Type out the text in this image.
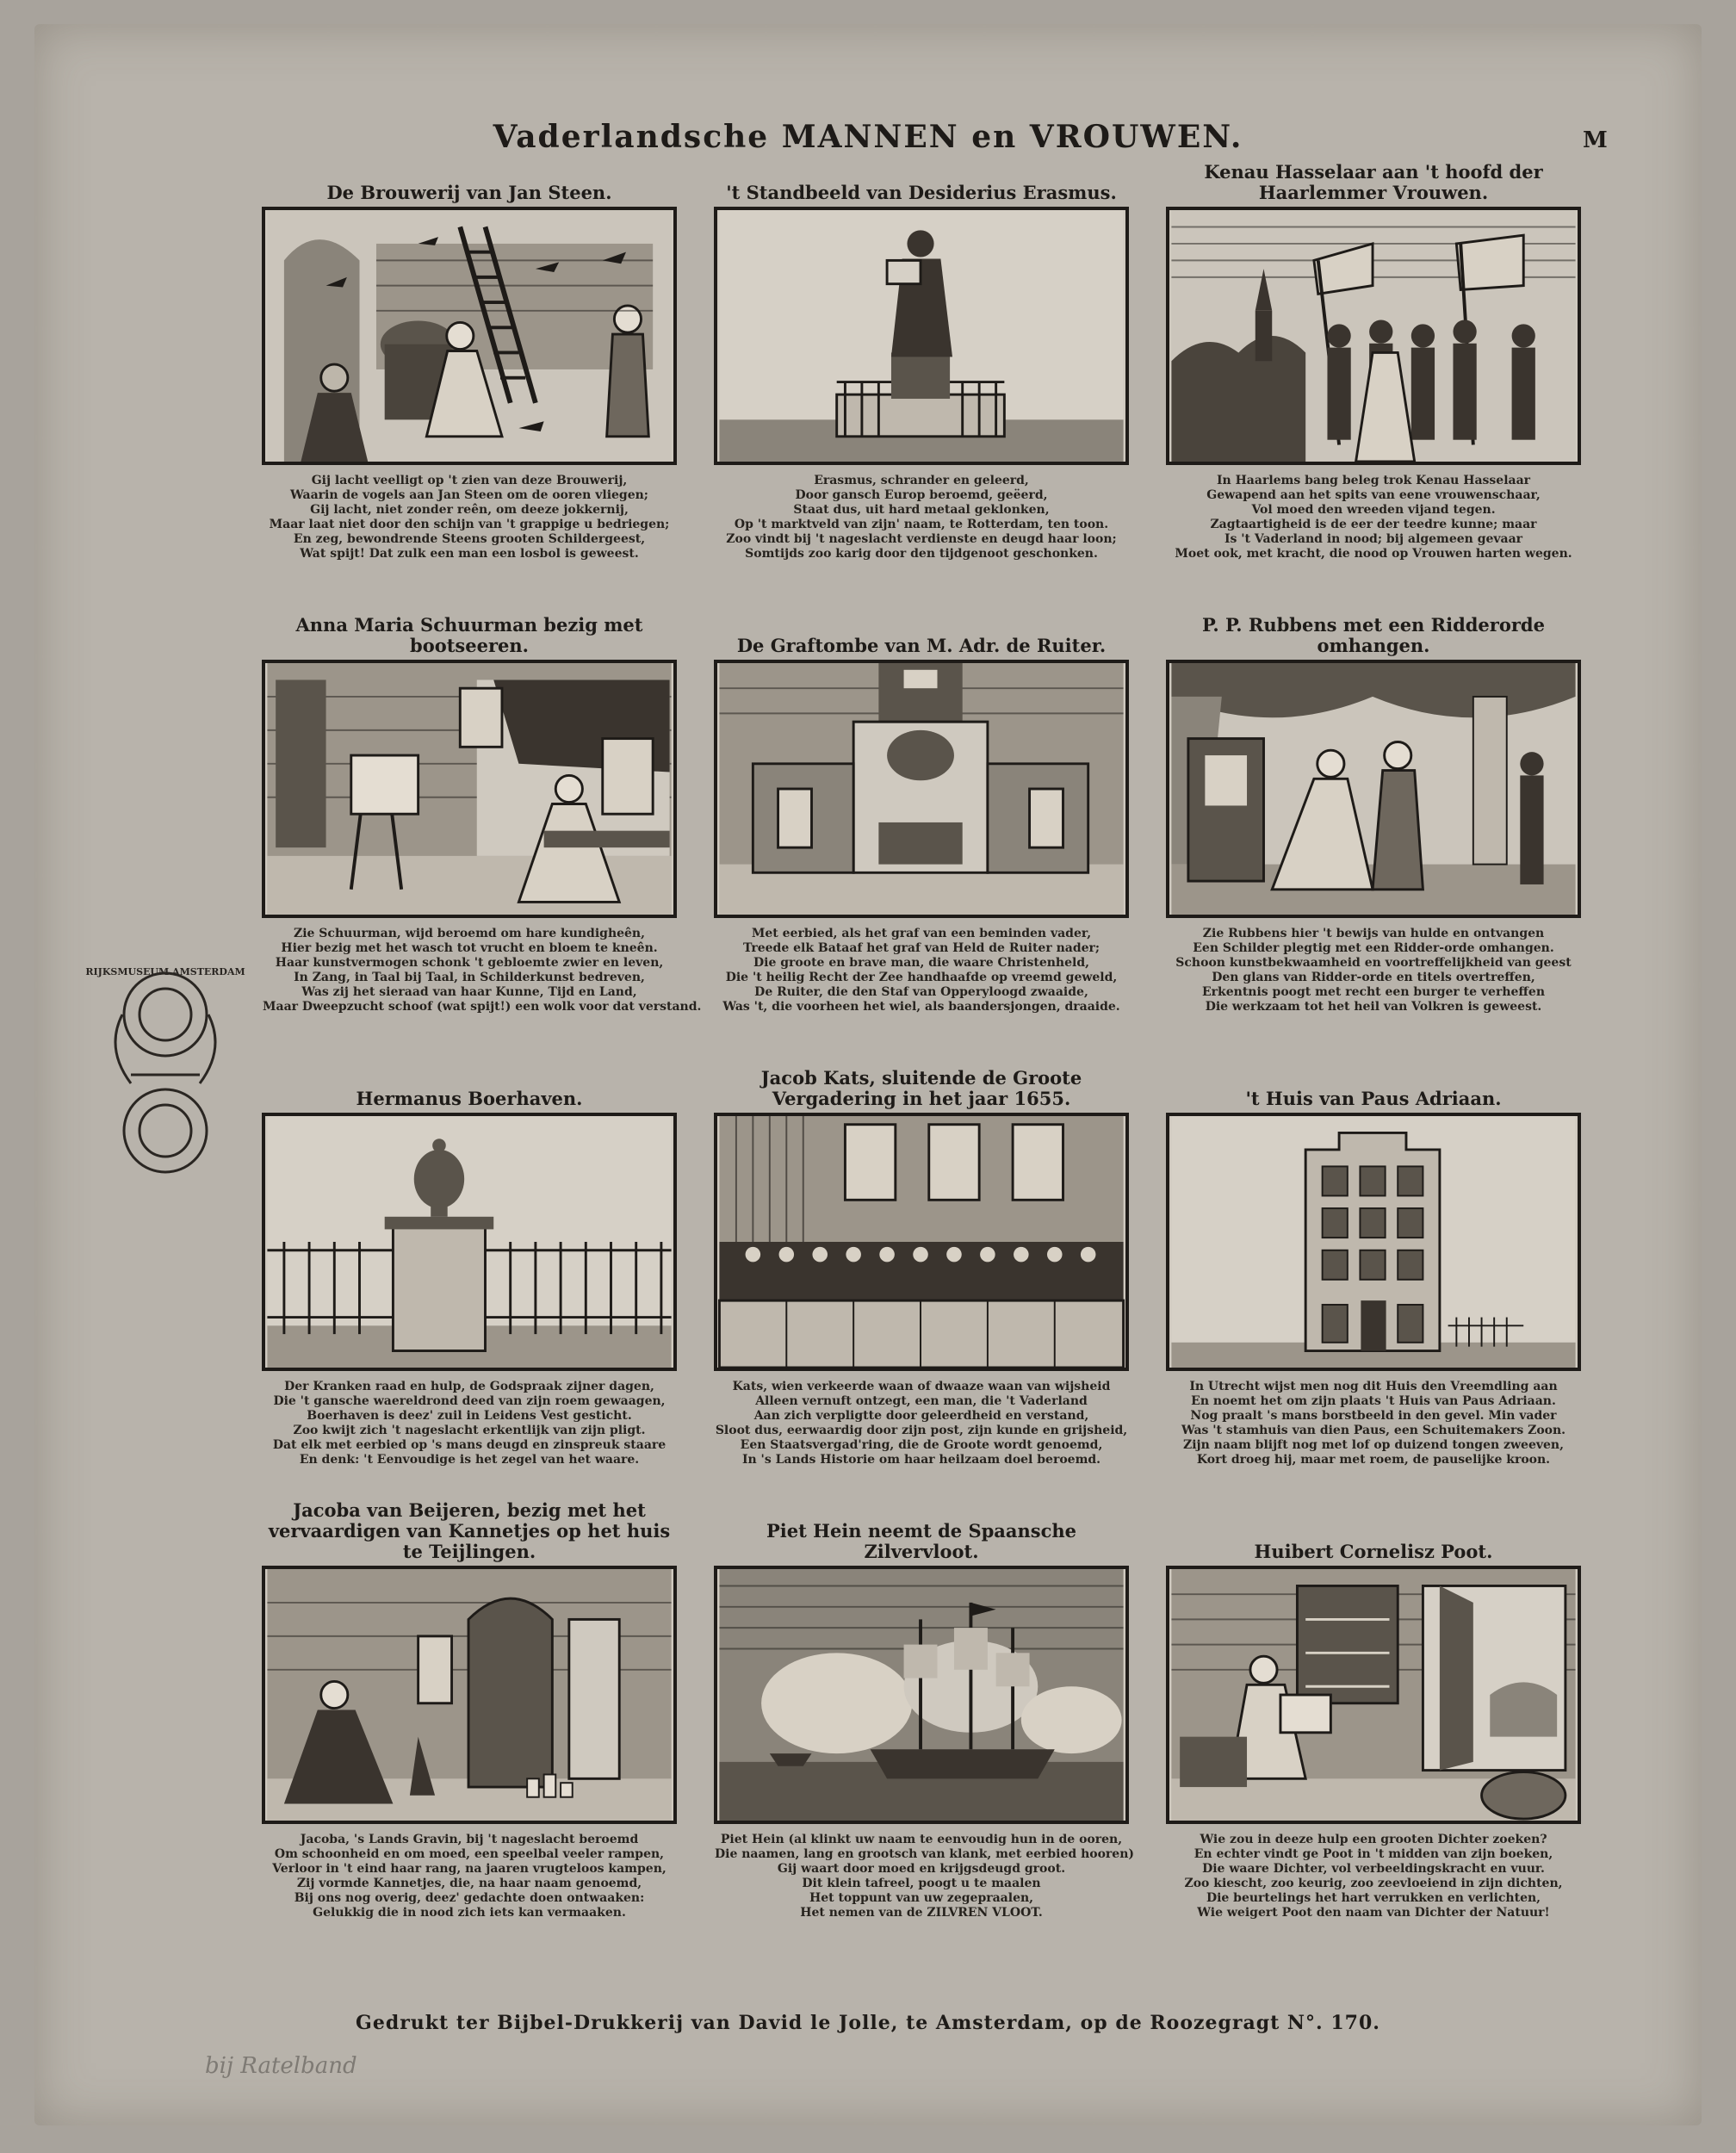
Vaderlandsche MANNEN en VROUWEN.	M
RIJKSMUSEUM AMSTERDAM
De Brouwerij van Jan Steen.
Gij lacht veelligt op 't zien van deze Brouwerij,
Waarin de vogels aan Jan Steen om de ooren vliegen;
Gij lacht, niet zonder reên, om deeze jokkernij,
Maar laat niet door den schijn van 't grappige u bedriegen;
En zeg, bewondrende Steens grooten Schildergeest,
Wat spijt! Dat zulk een man een losbol is geweest.
't Standbeeld van Desiderius Erasmus.
Erasmus, schrander en geleerd,
Door gansch Europ beroemd, geëerd,
Staat dus, uit hard metaal geklonken,
Op 't marktveld van zijn' naam, te Rotterdam, ten toon.
Zoo vindt bij 't nageslacht verdienste en deugd haar loon;
Somtijds zoo karig door den tijdgenoot geschonken.
Kenau Hasselaar aan 't hoofd der Haarlemmer Vrouwen.
In Haarlems bang beleg trok Kenau Hasselaar
Gewapend aan het spits van eene vrouwenschaar,
Vol moed den wreeden vijand tegen.
Zagtaartigheid is de eer der teedre kunne; maar
Is 't Vaderland in nood; bij algemeen gevaar
Moet ook, met kracht, die nood op Vrouwen harten wegen.
Anna Maria Schuurman bezig met bootseeren.
Zie Schuurman, wijd beroemd om hare kundigheên,
Hier bezig met het wasch tot vrucht en bloem te kneên.
Haar kunstvermogen schonk 't gebloemte zwier en leven,
In Zang, in Taal bij Taal, in Schilderkunst bedreven,
Was zij het sieraad van haar Kunne, Tijd en Land,
Maar Dweepzucht schoof (wat spijt!) een wolk voor dat verstand.
De Graftombe van M. Adr. de Ruiter.
Met eerbied, als het graf van een beminden vader,
Treede elk Bataaf het graf van Held de Ruiter nader;
Die groote en brave man, die waare Christenheld,
Die 't heilig Recht der Zee handhaafde op vreemd geweld,
De Ruiter, die den Staf van Opperyloogd zwaaide,
Was 't, die voorheen het wiel, als baandersjongen, draaide.
P. P. Rubbens met een Ridderorde omhangen.
Zie Rubbens hier 't bewijs van hulde en ontvangen
Een Schilder plegtig met een Ridder-orde omhangen.
Schoon kunstbekwaamheid en voortreffelijkheid van geest
Den glans van Ridder-orde en titels overtreffen,
Erkentnis poogt met recht een burger te verheffen
Die werkzaam tot het heil van Volkren is geweest.
Hermanus Boerhaven.
Der Kranken raad en hulp, de Godspraak zijner dagen,
Die 't gansche waereldrond deed van zijn roem gewaagen,
Boerhaven is deez' zuil in Leidens Vest gesticht.
Zoo kwijt zich 't nageslacht erkentlijk van zijn pligt.
Dat elk met eerbied op 's mans deugd en zinspreuk staare
En denk: 't Eenvoudige is het zegel van het waare.
Jacob Kats, sluitende de Groote Vergadering in het jaar 1655.
Kats, wien verkeerde waan of dwaaze waan van wijsheid
Alleen vernuft ontzegt, een man, die 't Vaderland
Aan zich verpligtte door geleerdheid en verstand,
Sloot dus, eerwaardig door zijn post, zijn kunde en grijsheid,
Een Staatsvergad'ring, die de Groote wordt genoemd,
In 's Lands Historie om haar heilzaam doel beroemd.
't Huis van Paus Adriaan.
In Utrecht wijst men nog dit Huis den Vreemdling aan
En noemt het om zijn plaats 't Huis van Paus Adriaan.
Nog praalt 's mans borstbeeld in den gevel. Min vader
Was 't stamhuis van dien Paus, een Schuitemakers Zoon.
Zijn naam blijft nog met lof op duizend tongen zweeven,
Kort droeg hij, maar met roem, de pauselijke kroon.
Jacoba van Beijeren, bezig met het vervaardigen van Kannetjes op het huis te Teijlingen.
Jacoba, 's Lands Gravin, bij 't nageslacht beroemd
Om schoonheid en om moed, een speelbal veeler rampen,
Verloor in 't eind haar rang, na jaaren vrugteloos kampen,
Zij vormde Kannetjes, die, na haar naam genoemd,
Bij ons nog overig, deez' gedachte doen ontwaaken:
Gelukkig die in nood zich iets kan vermaaken.
Piet Hein neemt de Spaansche Zilvervloot.
Piet Hein (al klinkt uw naam te eenvoudig hun in de ooren,
Die naamen, lang en grootsch van klank, met eerbied hooren)
Gij waart door moed en krijgsdeugd groot.
Dit klein tafreel, poogt u te maalen
Het toppunt van uw zegepraalen,
Het nemen van de ZILVREN VLOOT.
Huibert Cornelisz Poot.
Wie zou in deeze hulp een grooten Dichter zoeken?
En echter vindt ge Poot in 't midden van zijn boeken,
Die waare Dichter, vol verbeeldingskracht en vuur.
Zoo kiescht, zoo keurig, zoo zeevloeiend in zijn dichten,
Die beurtelings het hart verrukken en verlichten,
Wie weigert Poot den naam van Dichter der Natuur!
Gedrukt ter Bijbel-Drukkerij van David le Jolle, te Amsterdam, op de Roozegragt N°. 170.
bij Ratelband
